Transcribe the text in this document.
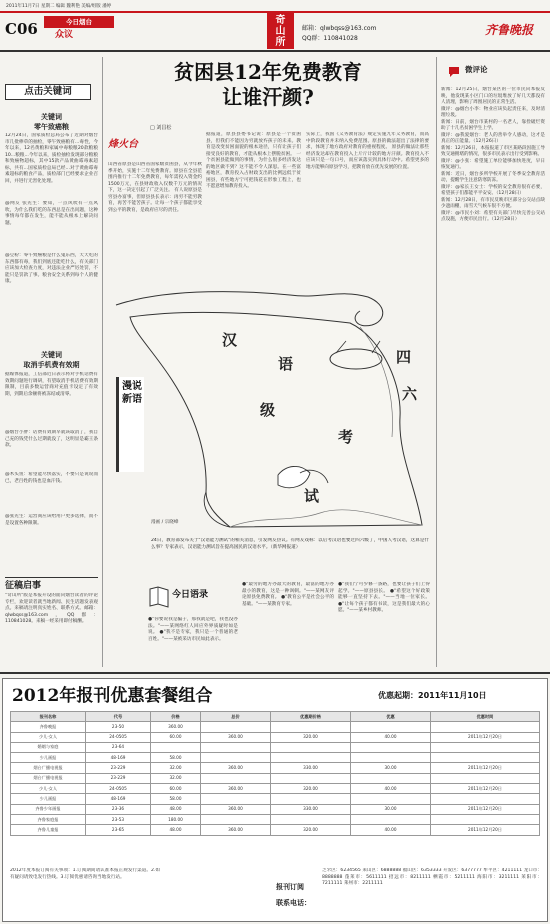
2011年11月7日 星期二 编辑 魏利艳 美编/组版 潘婷
C06	今日烟台
众议
奇
山
所
邮箱：qlwbqss@163.com
QQ群：110841028
齐鲁晚报
点击关键词
关键词
零午致癌粮
12月24日，国家质检总局公布了近期对烟台市几批棒草的抽检，零午致癌粮有...毒性，今年以来，12名黄粮和家属中毒粮粮20款粮粮10...粮粮...今年以来，质检抽检发现部分粮粮和致癌物超标，其中15款产品黄曲霉毒素超标，共有...国家质检总局已经...对于黄曲霉毒素超标的粮食产品，质检部门已经要求企业召回，并进行无害化处理。
@网友 张先生：要知，一点风吹有一点风吹，为什么我们吃的东西总是在出问题，这种事情每年都在发生，能不能从根本上解决问题。
@豆粉：零午致癌粮是什么鬼东西，天天吃的东西都有毒，我们到底还能吃什么，有关部门应该加大检查力度，对违法企业严厉处罚，不能只是罚款了事。粮食安全关系到每个人的健康。
关键词
取消手机费有效期
据媒体报道，工信部近日表示将对手机话费有效期问题进行调研，有望取消手机话费有效期限制，目前多数运营商对充值卡设定了有效期，到期后余额将被冻结或清零。
@烟台小胖：话费有效期早就该取消了，我自己充的钱凭什么过期就没了，这明显是霸王条款。
@木头鱼：希望能尽快落实，不要只是说说而已，老百姓的钱也是血汗钱。
@张先生：运营商应该给用户更多选择，而不是设置各种限制。
征稿启事
"奇山所"版是本报开设的面向烟台读者的评论专栏，欢迎读者就当地新闻、民生话题发表观点。来稿请注明真实姓名、联系方式。邮箱：qlwbqss@163.com，QQ群：110841028。来稿一经采用即付稿酬。
贫困县12年免费教育
让谁汗颜?
□ 刘昌松
烽火台
山西省原县是山西省国家级贫困县，从今年秋季开始，实施十二年免费教育。原县在全县范围内推行十二年免费教育，每年需投入资金约1500万元，在县财政收入仅数千万元的情况下，这一决定引起了广泛关注。 有人说原县是穷县办富事，但原县县长表示：再穷不能穷教育，再苦不能苦孩子。让每一个孩子都能享受到公平的教育，是政府应尽的责任。
据报道，原县县委书记说：原县是一个贫困县，但我们不能因为穷就放弃孩子的未来。教育是改变贫困面貌的根本途径，只有让孩子们接受良好的教育，才能从根本上摆脱贫困。 一个贫困县能做到的事情，为什么很多经济发达的地区做不到？这不能不令人深思。在一些富裕地区，教育投入占财政支出的比例远低于贫困县，有些地方宁可把钱花在形象工程上，也不愿意增加教育投入。
实际上，我国《义务教育法》规定实施九年义务教育，而高中阶段教育并未纳入免费范围。原县的做法超出了法律的要求，体现了地方政府对教育的重视程度。 原县的做法让那些经济发达却在教育投入上斤斤计较的地方汗颜。教育投入不应该只是一句口号，而应该落实到具体行动中。希望更多的地方能够向原县学习，把教育放在优先发展的位置。
汉
语	四
六
级
考
试
漫说新语
漫画 / 宗晓峰
24日，教育部发布关于"汉语能力测试"的相关消息，引发网友热议。有网友戏称：以后考汉语也要过四六级了，中国人考汉语，这算是什么事？专家表示，汉语能力测试旨在提高国民的汉语水平。（新华网报道）
今日语录
●"你要说我是骗子，那我就是吧，我也没办法。"——某网络红人回应外界质疑时如是说。 ●"我不是专家，我只是一个普通的老百姓。"——某被采访市民如此表示。
●"最穷的地方办最大的教育，最富的地方办最小的教育，这是一种讽刺。"——某网友评论原县免费教育。 ●"教育公平是社会公平的基础。"——某教育专家。
●"我们宁可少修一条路，也要让孩子们上得起学。"——原县县长。 ●"希望这个好政策能够一直坚持下去。"——当地一位家长。 ●"让每个孩子都有书读，这是我们最大的心愿。"——某乡村教师。
微评论
新闻：12月25日，烟台某区的一位市民向本报反映，他发现某小区门口的垃圾堆放了好几天都没有人清理，影响了周围居民的正常生活。
微评：@烟台小李：物业应该负起责任来，及时清理垃圾。
新闻：日前，烟台市某村的一名老人，靠捡破烂资助了十几名贫困学生上学。
微评：@我爱烟台：老人的善举令人感动，这才是真正的正能量。（12月26日）
新闻：12月26日，本报报道了市区某路段因施工导致交通拥堵的情况，很多市民表示出行受到影响。
微评：@小张：希望施工单位能够加快进度，早日恢复通行。
新闻：近日，烟台多所学校开展了冬季安全教育活动，提醒学生注意防寒防冻。
微评：@家长王女士：学校的安全教育很有必要，希望孩子们都能平平安安。（12月28日）
新闻：12月28日，有市民反映市区部分公交站点缺少遮雨棚，雨雪天气候车很不方便。
微评：@市民小刘：希望有关部门尽快完善公交站点设施，方便市民出行。（12月28日）
2012年报刊优惠套餐组合	优惠起期：2011年11月10日
报刊名称	代号	价格	总价	优惠期价格	优惠	优惠时间
齐鲁晚报	23-50	360.00				
少儿·女人	24-0505	60.00	360.00	320.00	40.00	2011年12月20日
婚姻与家庭	23-64					
少儿画报	48-169	58.00				
烟台广播电视报	23-229	32.00	360.00	330.00	30.00	2011年12月20日
烟台广播电视报	23-229	32.00				
少儿·女人	24-0505	60.00	360.00	320.00	40.00	2011年12月20日
少儿画报	48-169	58.00				
齐鲁少年画报	23-36	48.00	360.00	330.00	30.00	2011年12月20日
齐鲁家庭报	23-53	180.00				
齐鲁儿童报	23-65	48.00	360.00	320.00	40.00	2011年12月20日
2012年度本报订阅有关事项：1.订阅期间请认准本报正规发行渠道。2.如有疑问请致电发行热线。3.订阅优惠请咨询当地发行站。
报刊订阅
联系电话：
芝罘区：6234565 莱山区：6888888 福山区：6353333 开发区：6377777 牟平区：4211111 龙口市：8888888 蓬莱市：5611111 招远市：8211111 栖霞市：5211111 海阳市：3211111 莱阳市：7211111 莱州市：2211111
